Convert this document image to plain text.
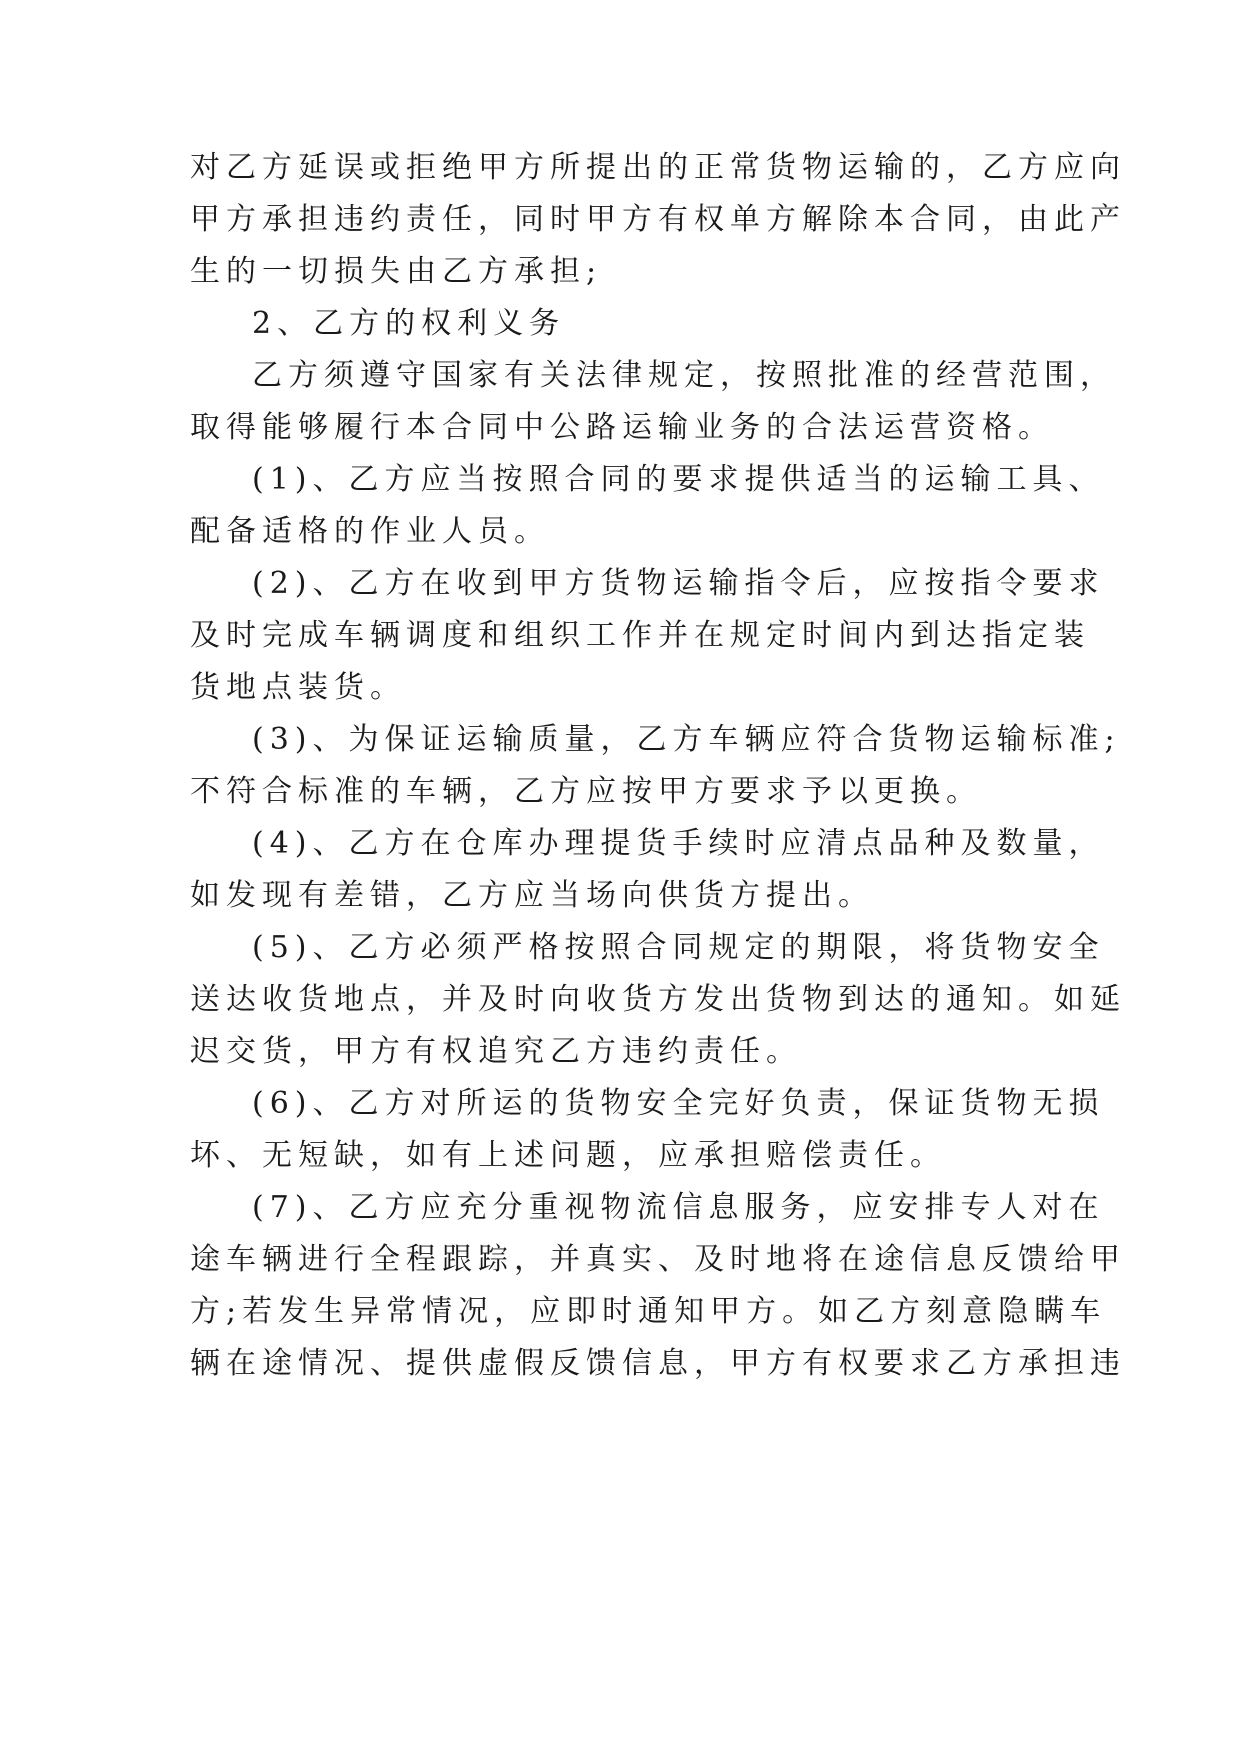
对乙方延误或拒绝甲方所提出的正常货物运输的，乙方应向
甲方承担违约责任，同时甲方有权单方解除本合同，由此产
生的一切损失由乙方承担;
2、乙方的权利义务
乙方须遵守国家有关法律规定，按照批准的经营范围，
取得能够履行本合同中公路运输业务的合法运营资格。
(1)、乙方应当按照合同的要求提供适当的运输工具、
配备适格的作业人员。
(2)、乙方在收到甲方货物运输指令后，应按指令要求
及时完成车辆调度和组织工作并在规定时间内到达指定装
货地点装货。
(3)、为保证运输质量，乙方车辆应符合货物运输标准;
不符合标准的车辆，乙方应按甲方要求予以更换。
(4)、乙方在仓库办理提货手续时应清点品种及数量，
如发现有差错，乙方应当场向供货方提出。
(5)、乙方必须严格按照合同规定的期限，将货物安全
送达收货地点，并及时向收货方发出货物到达的通知。如延
迟交货，甲方有权追究乙方违约责任。
(6)、乙方对所运的货物安全完好负责，保证货物无损
坏、无短缺，如有上述问题，应承担赔偿责任。
(7)、乙方应充分重视物流信息服务，应安排专人对在
途车辆进行全程跟踪，并真实、及时地将在途信息反馈给甲
方;若发生异常情况，应即时通知甲方。如乙方刻意隐瞒车
辆在途情况、提供虚假反馈信息，甲方有权要求乙方承担违
